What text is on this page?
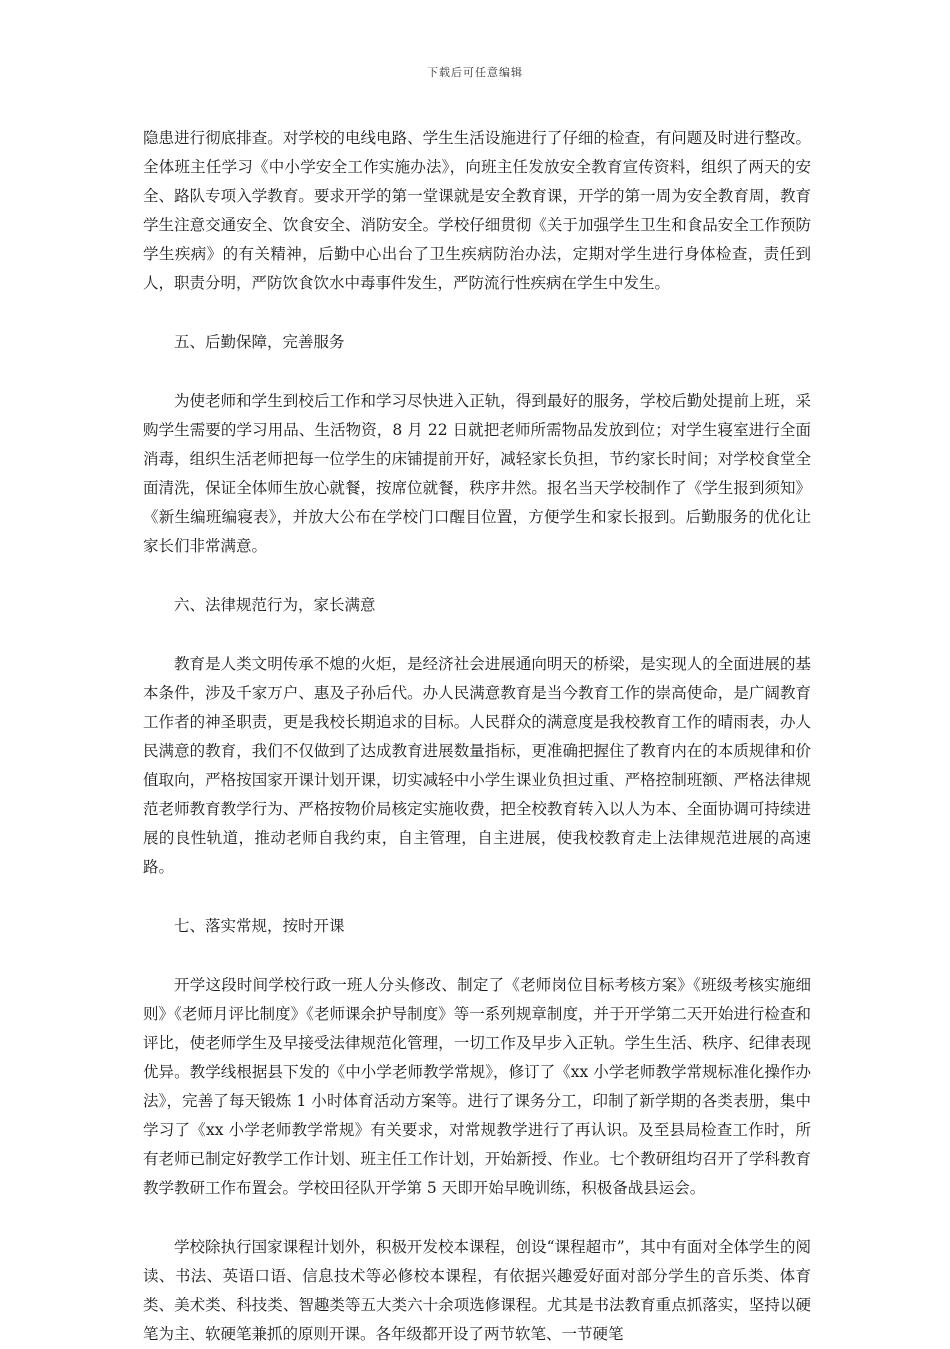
下载后可任意编辑

隐患进行彻底排查。对学校的电线电路、学生生活设施进行了仔细的检查，有问题及时进行整改。全体班主任学习《中小学安全工作实施办法》，向班主任发放安全教育宣传资料，组织了两天的安全、路队专项入学教育。要求开学的第一堂课就是安全教育课，开学的第一周为安全教育周，教育学生注意交通安全、饮食安全、消防安全。学校仔细贯彻《关于加强学生卫生和食品安全工作预防学生疾病》的有关精神，后勤中心出台了卫生疾病防治办法，定期对学生进行身体检查，责任到人，职责分明，严防饮食饮水中毒事件发生，严防流行性疾病在学生中发生。

五、后勤保障，完善服务

为使老师和学生到校后工作和学习尽快进入正轨，得到最好的服务，学校后勤处提前上班，采购学生需要的学习用品、生活物资，8 月 22 日就把老师所需物品发放到位；对学生寝室进行全面消毒，组织生活老师把每一位学生的床铺提前开好，减轻家长负担，节约家长时间；对学校食堂全面清洗，保证全体师生放心就餐，按席位就餐，秩序井然。报名当天学校制作了《学生报到须知》《新生编班编寝表》，并放大公布在学校门口醒目位置，方便学生和家长报到。后勤服务的优化让家长们非常满意。

六、法律规范行为，家长满意

教育是人类文明传承不熄的火炬，是经济社会进展通向明天的桥梁，是实现人的全面进展的基本条件，涉及千家万户、惠及子孙后代。办人民满意教育是当今教育工作的崇高使命，是广阔教育工作者的神圣职责，更是我校长期追求的目标。人民群众的满意度是我校教育工作的晴雨表，办人民满意的教育，我们不仅做到了达成教育进展数量指标，更准确把握住了教育内在的本质规律和价值取向，严格按国家开课计划开课，切实减轻中小学生课业负担过重、严格控制班额、严格法律规范老师教育教学行为、严格按物价局核定实施收费，把全校教育转入以人为本、全面协调可持续进展的良性轨道，推动老师自我约束，自主管理，自主进展，使我校教育走上法律规范进展的高速路。

七、落实常规，按时开课

开学这段时间学校行政一班人分头修改、制定了《老师岗位目标考核方案》《班级考核实施细则》《老师月评比制度》《老师课余护导制度》等一系列规章制度，并于开学第二天开始进行检查和评比，使老师学生及早接受法律规范化管理，一切工作及早步入正轨。学生生活、秩序、纪律表现优异。教学线根据县下发的《中小学老师教学常规》，修订了《xx 小学老师教学常规标准化操作办法》，完善了每天锻炼 1 小时体育活动方案等。进行了课务分工，印制了新学期的各类表册，集中学习了《xx 小学老师教学常规》有关要求，对常规教学进行了再认识。及至县局检查工作时，所有老师已制定好教学工作计划、班主任工作计划，开始新授、作业。七个教研组均召开了学科教育教学教研工作布置会。学校田径队开学第 5 天即开始早晚训练，积极备战县运会。

学校除执行国家课程计划外，积极开发校本课程，创设“课程超市”，其中有面对全体学生的阅读、书法、英语口语、信息技术等必修校本课程，有依据兴趣爱好面对部分学生的音乐类、体育类、美术类、科技类、智趣类等五大类六十余项选修课程。尤其是书法教育重点抓落实，坚持以硬笔为主、软硬笔兼抓的原则开课。各年级都开设了两节软笔、一节硬笔
